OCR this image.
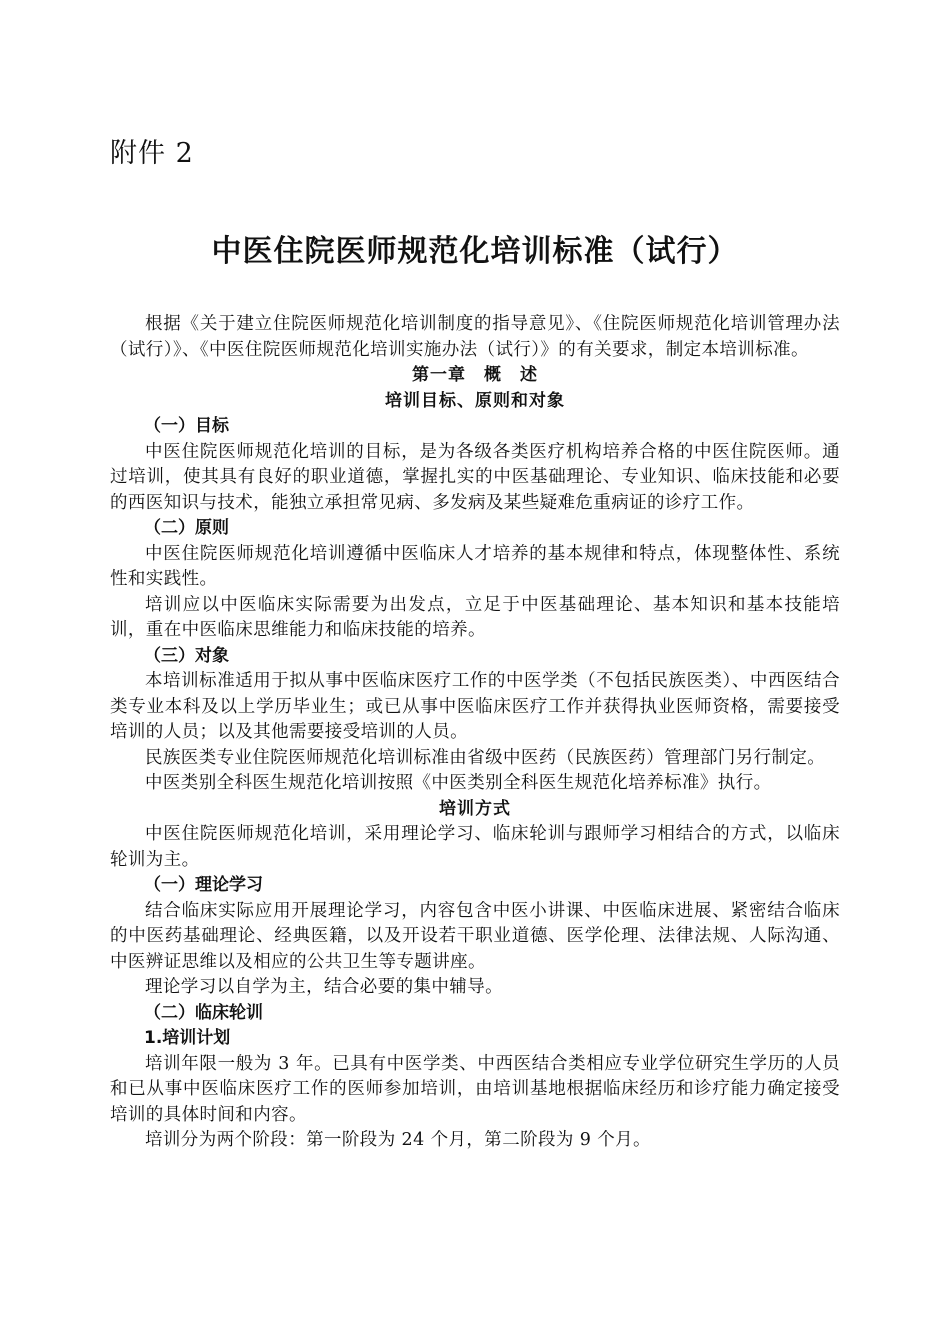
附件 2
中医住院医师规范化培训标准（试行）

根据《关于建立住院医师规范化培训制度的指导意见》、《住院医师规范化培训管理办法（试行）》、《中医住院医师规范化培训实施办法（试行）》的有关要求，制定本培训标准。

第一章　概　述

培训目标、原则和对象

（一）目标

中医住院医师规范化培训的目标，是为各级各类医疗机构培养合格的中医住院医师。通过培训，使其具有良好的职业道德，掌握扎实的中医基础理论、专业知识、临床技能和必要的西医知识与技术，能独立承担常见病、多发病及某些疑难危重病证的诊疗工作。

（二）原则

中医住院医师规范化培训遵循中医临床人才培养的基本规律和特点，体现整体性、系统性和实践性。

培训应以中医临床实际需要为出发点，立足于中医基础理论、基本知识和基本技能培训，重在中医临床思维能力和临床技能的培养。

（三）对象

本培训标准适用于拟从事中医临床医疗工作的中医学类（不包括民族医类）、中西医结合类专业本科及以上学历毕业生；或已从事中医临床医疗工作并获得执业医师资格，需要接受培训的人员；以及其他需要接受培训的人员。

民族医类专业住院医师规范化培训标准由省级中医药（民族医药）管理部门另行制定。

中医类别全科医生规范化培训按照《中医类别全科医生规范化培养标准》执行。

培训方式

中医住院医师规范化培训，采用理论学习、临床轮训与跟师学习相结合的方式，以临床轮训为主。

（一）理论学习

结合临床实际应用开展理论学习，内容包含中医小讲课、中医临床进展、紧密结合临床的中医药基础理论、经典医籍，以及开设若干职业道德、医学伦理、法律法规、人际沟通、中医辨证思维以及相应的公共卫生等专题讲座。

理论学习以自学为主，结合必要的集中辅导。

（二）临床轮训

1.培训计划

培训年限一般为 3 年。已具有中医学类、中西医结合类相应专业学位研究生学历的人员和已从事中医临床医疗工作的医师参加培训，由培训基地根据临床经历和诊疗能力确定接受培训的具体时间和内容。

培训分为两个阶段：第一阶段为 24 个月，第二阶段为 9 个月。
